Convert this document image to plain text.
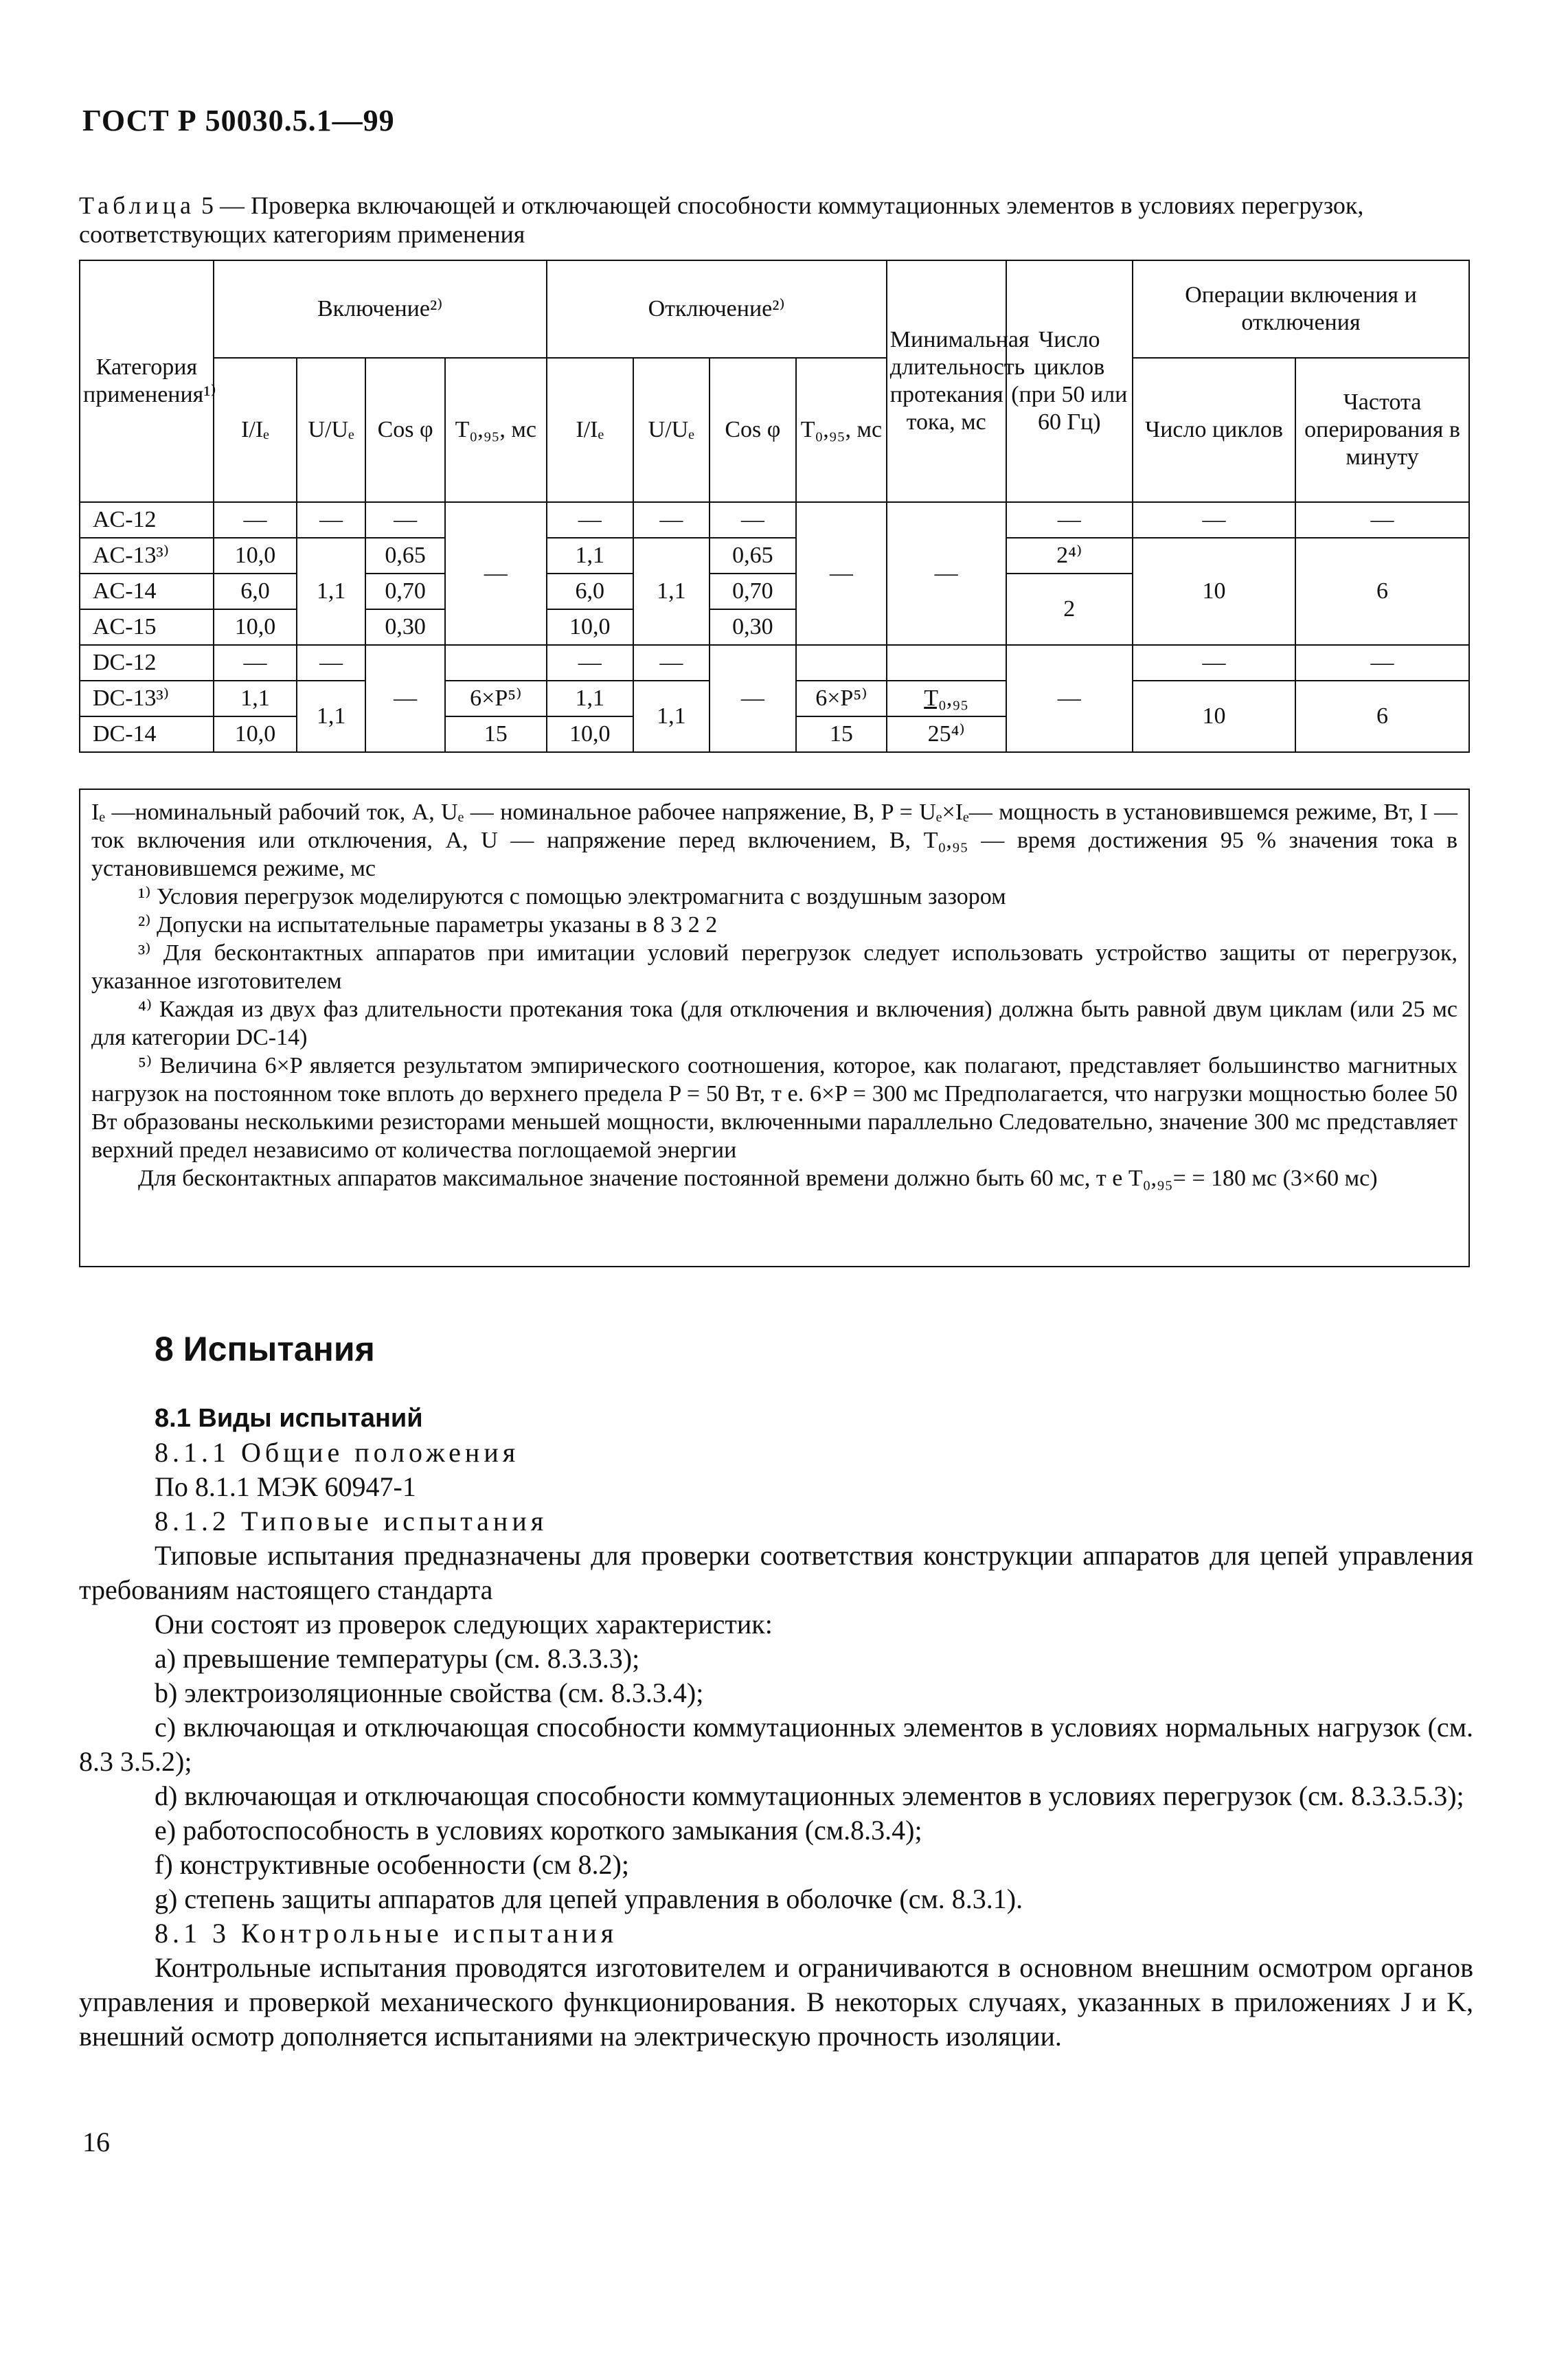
ГОСТ Р 50030.5.1—99
Таблица 5 — Проверка включающей и отключающей способности коммутационных элементов в условиях перегрузок, соответствующих категориям применения
Категория применения¹⁾	Включение²⁾				Отключение²⁾				Минимальная длительность протекания тока, мс	Число циклов (при 50 или 60 Гц)	Операции включения и отключения	
	I/Iₑ	U/Uₑ	Cos φ	T₀,₉₅, мс	I/Iₑ	U/Uₑ	Cos φ	T₀,₉₅, мс			Число циклов	Частота оперирования в минуту
AC-12	—	—	—	—	—	—	—	—	—	—	—	—
AC-13³⁾	10,0	1,1	0,65		1,1	1,1	0,65			2⁴⁾	10	6
AC-14	6,0		0,70		6,0		0,70			2		
AC-15	10,0		0,30		10,0		0,30					
DC-12	—	—	—		—	—	—			—	—	—
DC-13³⁾	1,1	1,1		6×P⁵⁾	1,1	1,1		6×P⁵⁾	T₀,₉₅		10	6
DC-14	10,0			15	10,0			15	25⁴⁾			

Iₑ —номинальный рабочий ток, А, Uₑ — номинальное рабочее напряжение, В, P = Uₑ×Iₑ— мощность в установившемся режиме, Вт, I — ток включения или отключения, А, U — напряжение перед включением, В, T₀,₉₅ — время достижения 95 % значения тока в установившемся режиме, мс

¹⁾ Условия перегрузок моделируются с помощью электромагнита с воздушным зазором

²⁾ Допуски на испытательные параметры указаны в 8 3 2 2

³⁾ Для бесконтактных аппаратов при имитации условий перегрузок следует использовать устройство защиты от перегрузок, указанное изготовителем

⁴⁾ Каждая из двух фаз длительности протекания тока (для отключения и включения) должна быть равной двум циклам (или 25 мс для категории DC-14)

⁵⁾ Величина 6×P является результатом эмпирического соотношения, которое, как полагают, представляет большинство магнитных нагрузок на постоянном токе вплоть до верхнего предела P = 50 Вт, т е. 6×P = 300 мс Предполагается, что нагрузки мощностью более 50 Вт образованы несколькими резисторами меньшей мощности, включенными параллельно Следовательно, значение 300 мс представляет верхний предел независимо от количества поглощаемой энергии

Для бесконтактных аппаратов максимальное значение постоянной времени должно быть 60 мс, т е T₀,₉₅= = 180 мс (3×60 мс)

8 Испытания

8.1 Виды испытаний

8.1.1 Общие положения

По 8.1.1 МЭК 60947-1

8.1.2 Типовые испытания

Типовые испытания предназначены для проверки соответствия конструкции аппаратов для цепей управления требованиям настоящего стандарта

Они состоят из проверок следующих характеристик:

a) превышение температуры (см. 8.3.3.3);

b) электроизоляционные свойства (см. 8.3.3.4);

c) включающая и отключающая способности коммутационных элементов в условиях нормальных нагрузок (см. 8.3 3.5.2);

d) включающая и отключающая способности коммутационных элементов в условиях перегрузок (см. 8.3.3.5.3);

e) работоспособность в условиях короткого замыкания (см.8.3.4);

f) конструктивные особенности (см 8.2);

g) степень защиты аппаратов для цепей управления в оболочке (см. 8.3.1).

8.1 3 Контрольные испытания

Контрольные испытания проводятся изготовителем и ограничиваются в основном внешним осмотром органов управления и проверкой механического функционирования. В некоторых случаях, указанных в приложениях J и K, внешний осмотр дополняется испытаниями на электрическую прочность изоляции.

16
